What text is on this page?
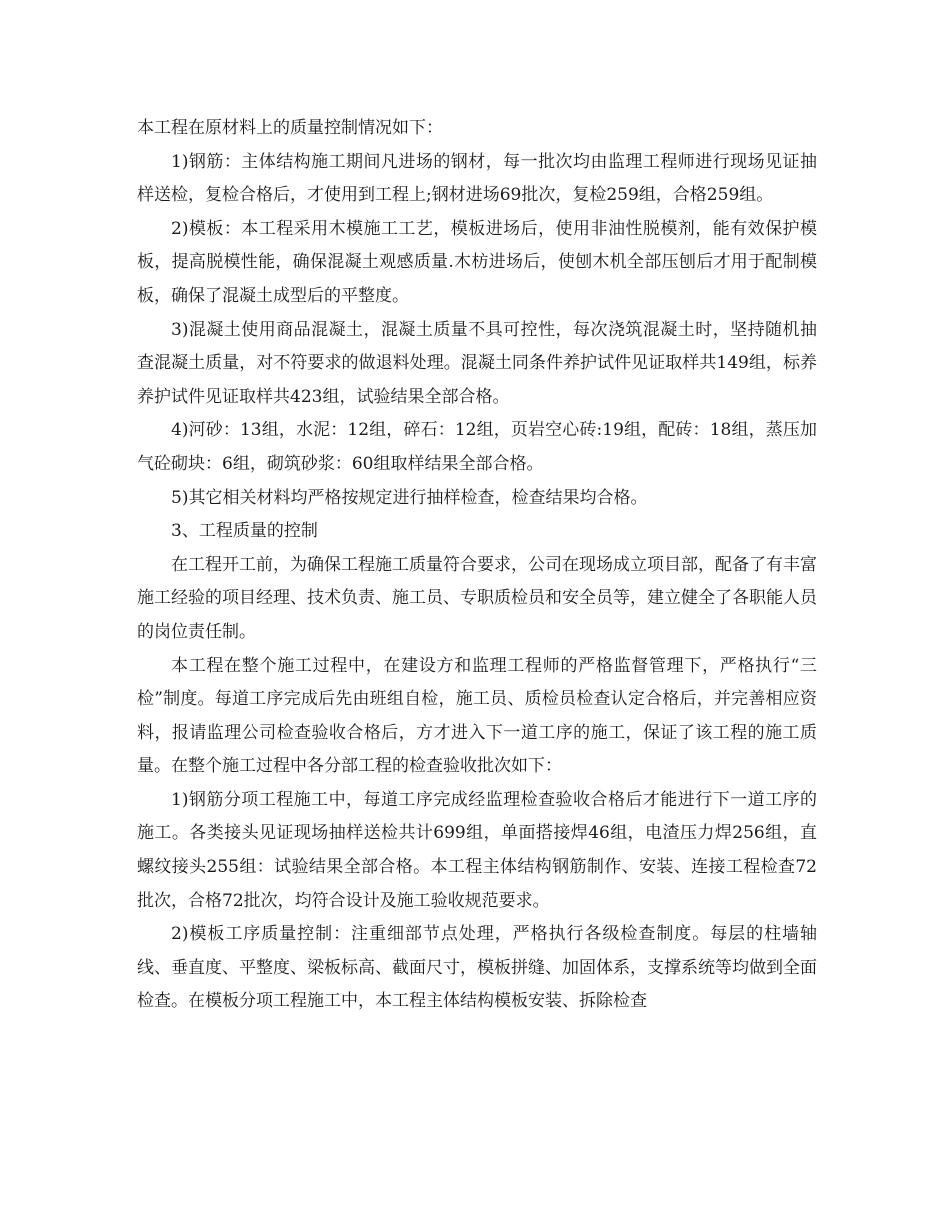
本工程在原材料上的质量控制情况如下：

1)钢筋：主体结构施工期间凡进场的钢材，每一批次均由监理工程师进行现场见证抽样送检，复检合格后，才使用到工程上;钢材进场69批次，复检259组，合格259组。

2)模板：本工程采用木模施工工艺，模板进场后，使用非油性脱模剂，能有效保护模板，提高脱模性能，确保混凝土观感质量.木枋进场后，使刨木机全部压刨后才用于配制模板，确保了混凝土成型后的平整度。

3)混凝土使用商品混凝土，混凝土质量不具可控性，每次浇筑混凝土时，坚持随机抽查混凝土质量，对不符要求的做退料处理。混凝土同条件养护试件见证取样共149组，标养养护试件见证取样共423组，试验结果全部合格。

4)河砂：13组，水泥：12组，碎石：12组，页岩空心砖:19组，配砖：18组，蒸压加气砼砌块：6组，砌筑砂浆：60组取样结果全部合格。

5)其它相关材料均严格按规定进行抽样检查，检查结果均合格。

3、工程质量的控制

在工程开工前，为确保工程施工质量符合要求，公司在现场成立项目部，配备了有丰富施工经验的项目经理、技术负责、施工员、专职质检员和安全员等，建立健全了各职能人员的岗位责任制。

本工程在整个施工过程中，在建设方和监理工程师的严格监督管理下，严格执行“三检”制度。每道工序完成后先由班组自检，施工员、质检员检查认定合格后，并完善相应资料，报请监理公司检查验收合格后，方才进入下一道工序的施工，保证了该工程的施工质量。在整个施工过程中各分部工程的检查验收批次如下：

1)钢筋分项工程施工中，每道工序完成经监理检查验收合格后才能进行下一道工序的施工。各类接头见证现场抽样送检共计699组，单面搭接焊46组，电渣压力焊256组，直螺纹接头255组：试验结果全部合格。本工程主体结构钢筋制作、安装、连接工程检查72批次，合格72批次，均符合设计及施工验收规范要求。

2)模板工序质量控制：注重细部节点处理，严格执行各级检查制度。每层的柱墙轴线、垂直度、平整度、梁板标高、截面尺寸，模板拼缝、加固体系，支撑系统等均做到全面检查。在模板分项工程施工中，本工程主体结构模板安装、拆除检查
